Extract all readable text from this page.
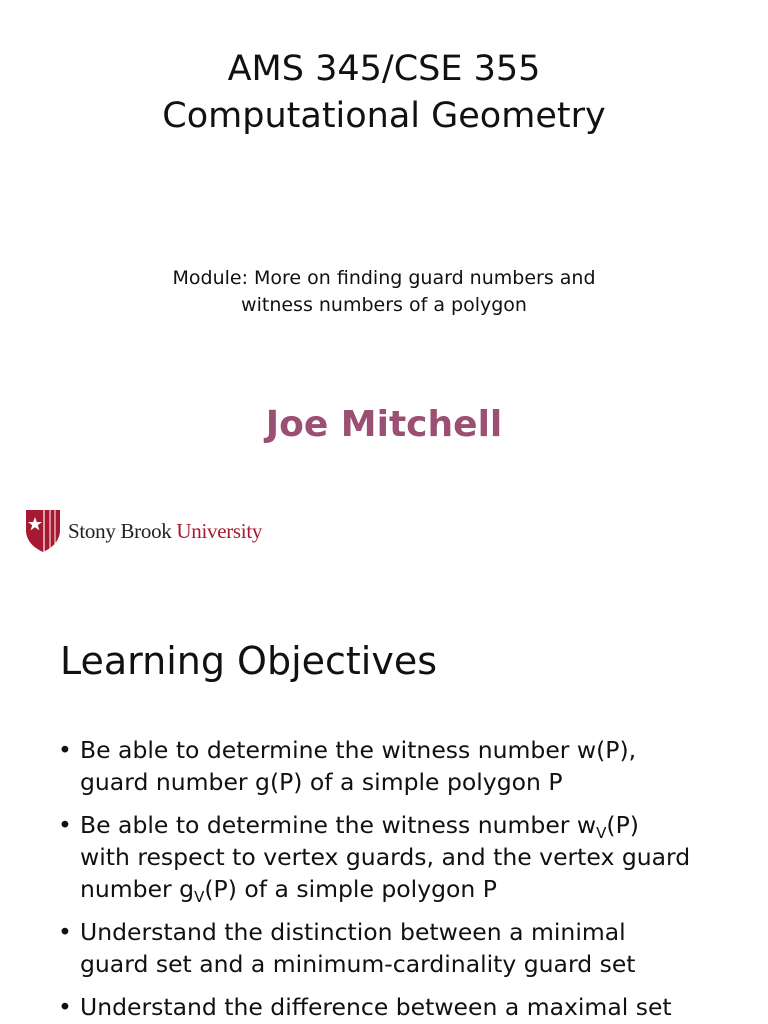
AMS 345/CSE 355
Computational Geometry
Module: More on finding guard numbers and
witness numbers of a polygon
Joe Mitchell
Stony Brook University
Learning Objectives
• Be able to determine the witness number w(P),
guard number g(P) of a simple polygon P
• Be able to determine the witness number $w_V(P)$
with respect to vertex guards, and the vertex guard
number $g_V(P)$ of a simple polygon P
• Understand the distinction between a minimal
guard set and a minimum-cardinality guard set
• Understand the difference between a maximal set
